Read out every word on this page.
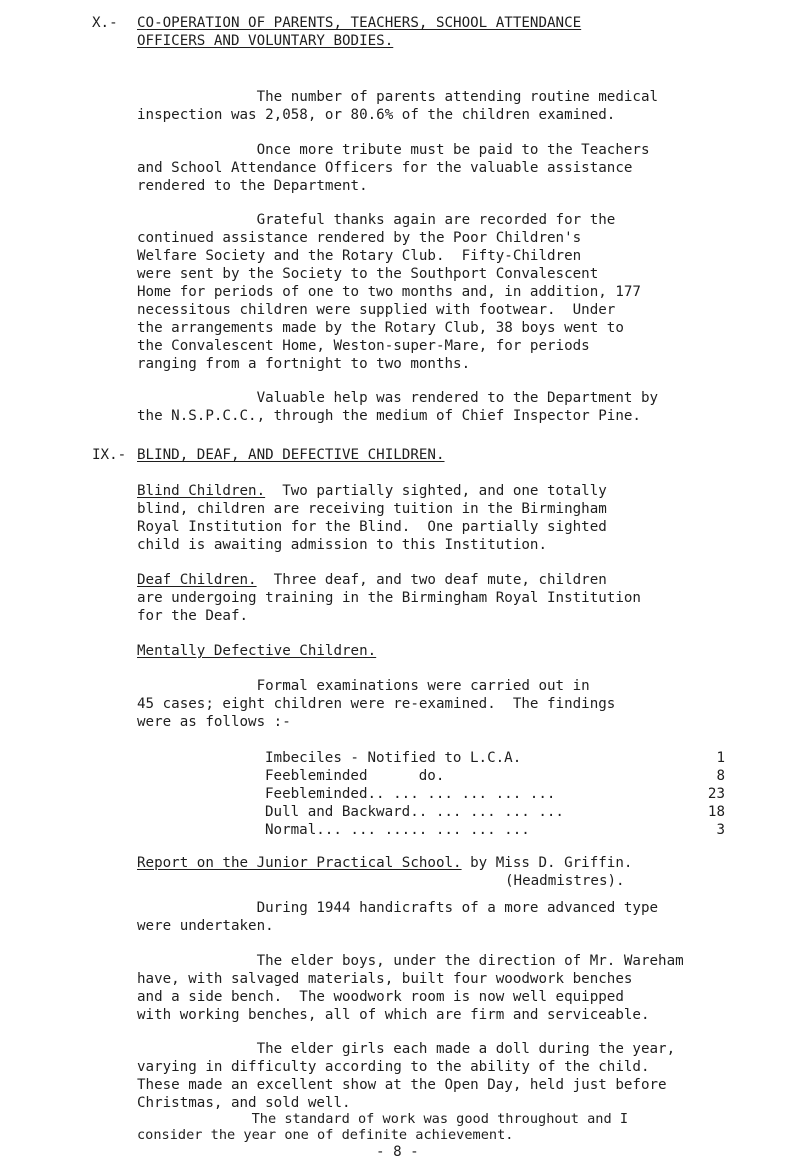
X.- CO-OPERATION OF PARENTS, TEACHERS, SCHOOL ATTENDANCE
OFFICERS AND VOLUNTARY BODIES.
The number of parents attending routine medical
inspection was 2,058, or 80.6% of the children examined.
Once more tribute must be paid to the Teachers
and School Attendance Officers for the valuable assistance
rendered to the Department.
Grateful thanks again are recorded for the
continued assistance rendered by the Poor Children's
Welfare Society and the Rotary Club.  Fifty-Children
were sent by the Society to the Southport Convalescent
Home for periods of one to two months and, in addition, 177
necessitous children were supplied with footwear.  Under
the arrangements made by the Rotary Club, 38 boys went to
the Convalescent Home, Weston-super-Mare, for periods
ranging from a fortnight to two months.
Valuable help was rendered to the Department by
the N.S.P.C.C., through the medium of Chief Inspector Pine.
IX.- BLIND, DEAF, AND DEFECTIVE CHILDREN.
Blind Children.  Two partially sighted, and one totally
blind, children are receiving tuition in the Birmingham
Royal Institution for the Blind.  One partially sighted
child is awaiting admission to this Institution.
Deaf Children.  Three deaf, and two deaf mute, children
are undergoing training in the Birmingham Royal Institution
for the Deaf.
Mentally Defective Children.
Formal examinations were carried out in
45 cases; eight children were re-examined.  The findings
were as follows :-
Imbeciles - Notified to L.C.A.	1
Feebleminded      do.	8
Feebleminded.. ... ... ... ... ...	23
Dull and Backward.. ... ... ... ...	18
Normal... ... ..... ... ... ...	3
Report on the Junior Practical School. by Miss D. Griffin.
(Headmistres).
During 1944 handicrafts of a more advanced type
were undertaken.
The elder boys, under the direction of Mr. Wareham
have, with salvaged materials, built four woodwork benches
and a side bench.  The woodwork room is now well equipped
with working benches, all of which are firm and serviceable.
The elder girls each made a doll during the year,
varying in difficulty according to the ability of the child.
These made an excellent show at the Open Day, held just before
Christmas, and sold well.
The standard of work was good throughout and I
consider the year one of definite achievement.
- 8 -
